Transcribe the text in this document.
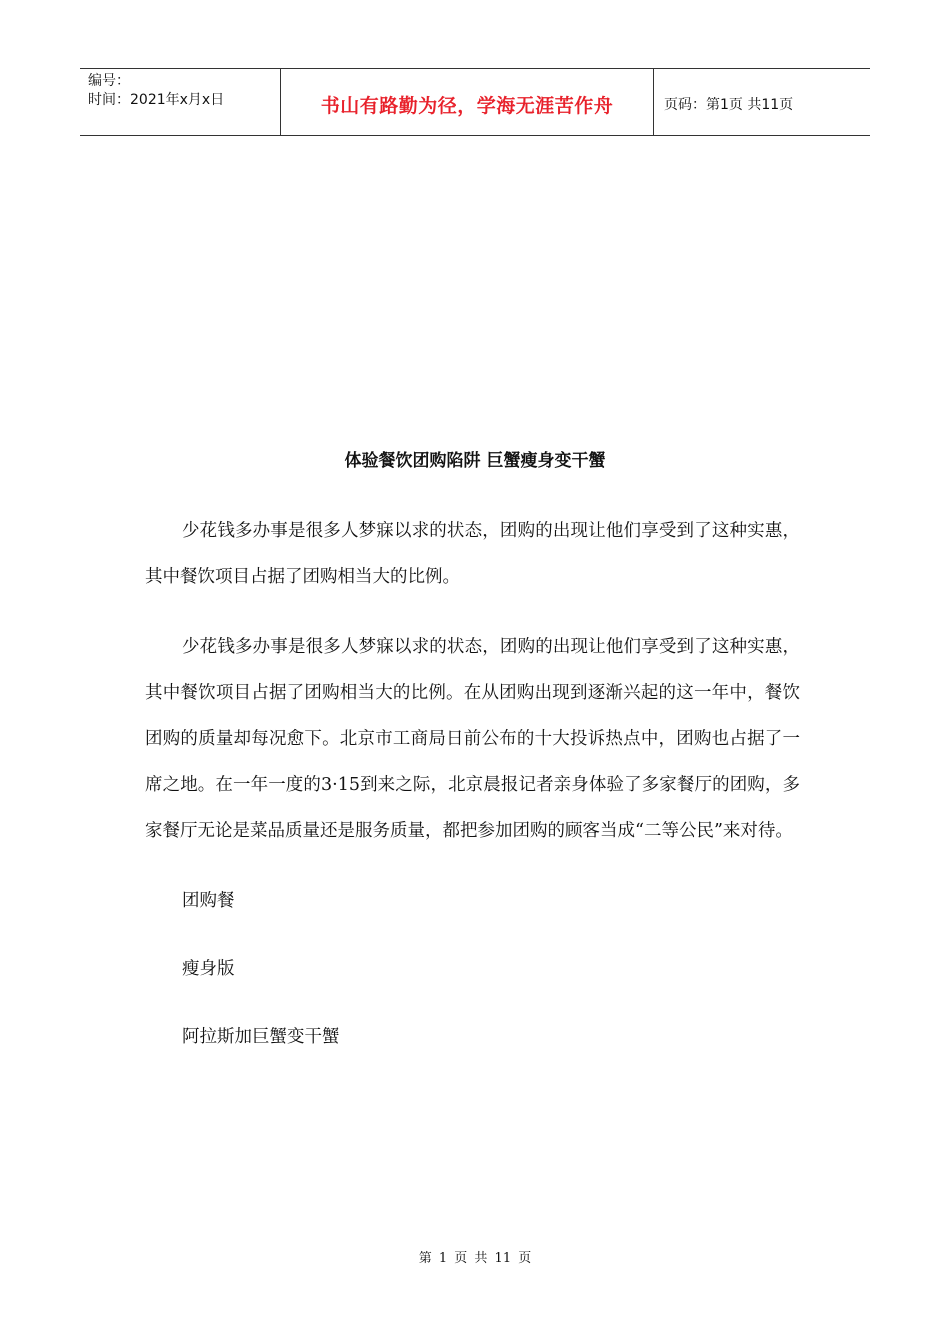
编号：
时间：2021年x月x日	书山有路勤为径，学海无涯苦作舟	页码：第1页 共11页
体验餐饮团购陷阱 巨蟹瘦身变干蟹

少花钱多办事是很多人梦寐以求的状态，团购的出现让他们享受到了这种实惠，其中餐饮项目占据了团购相当大的比例。

少花钱多办事是很多人梦寐以求的状态，团购的出现让他们享受到了这种实惠，其中餐饮项目占据了团购相当大的比例。在从团购出现到逐渐兴起的这一年中，餐饮团购的质量却每况愈下。北京市工商局日前公布的十大投诉热点中，团购也占据了一席之地。在一年一度的3·15到来之际，北京晨报记者亲身体验了多家餐厅的团购，多家餐厅无论是菜品质量还是服务质量，都把参加团购的顾客当成“二等公民”来对待。

团购餐

瘦身版

阿拉斯加巨蟹变干蟹

第 1 页 共 11 页
